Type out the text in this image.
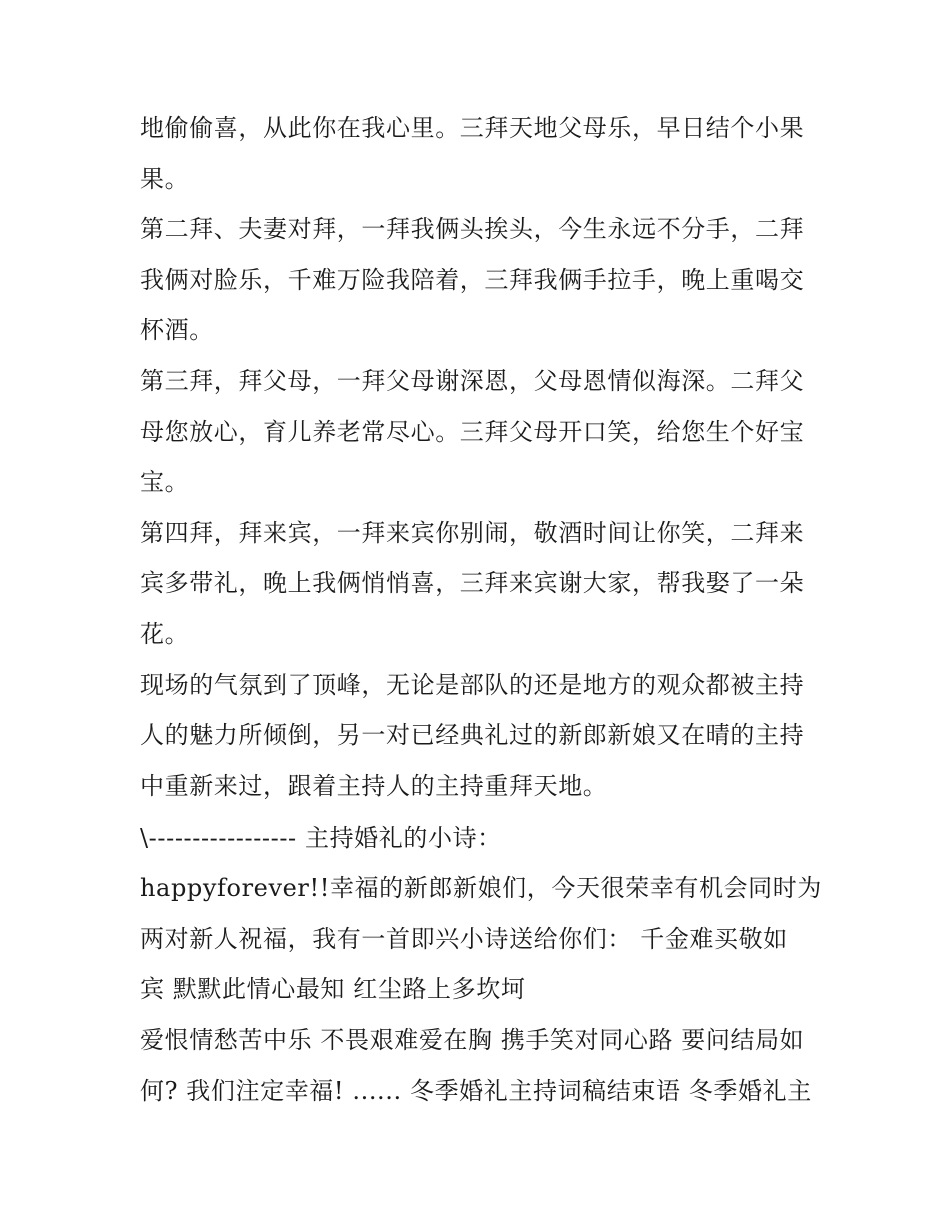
地偷偷喜，从此你在我心里。三拜天地父母乐，早日结个小果
果。
第二拜、夫妻对拜，一拜我俩头挨头，今生永远不分手，二拜
我俩对脸乐，千难万险我陪着，三拜我俩手拉手，晚上重喝交
杯酒。
第三拜，拜父母，一拜父母谢深恩，父母恩情似海深。二拜父
母您放心，育儿养老常尽心。三拜父母开口笑，给您生个好宝
宝。
第四拜，拜来宾，一拜来宾你别闹，敬酒时间让你笑，二拜来
宾多带礼，晚上我俩悄悄喜，三拜来宾谢大家，帮我娶了一朵
花。
现场的气氛到了顶峰，无论是部队的还是地方的观众都被主持
人的魅力所倾倒，另一对已经典礼过的新郎新娘又在晴的主持
中重新来过，跟着主持人的主持重拜天地。
\----------------- 主持婚礼的小诗：
happyforever!!幸福的新郎新娘们，今天很荣幸有机会同时为
两对新人祝福，我有一首即兴小诗送给你们： 千金难买敬如
宾 默默此情心最知 红尘路上多坎坷
爱恨情愁苦中乐 不畏艰难爱在胸 携手笑对同心路 要问结局如
何? 我们注定幸福! ...... 冬季婚礼主持词稿结束语 冬季婚礼主
